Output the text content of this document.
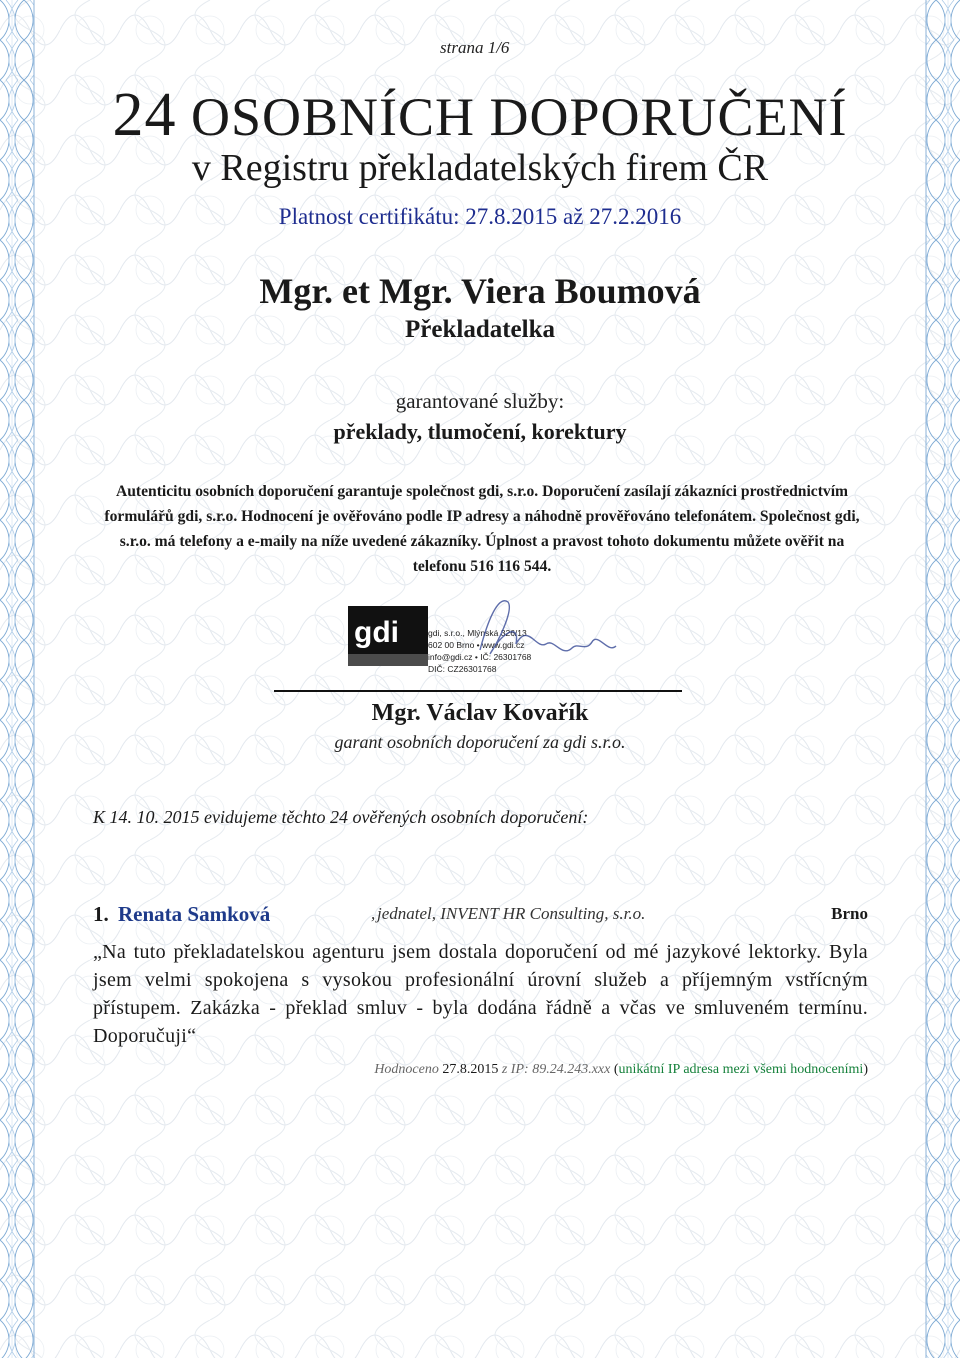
strana 1/6
24 OSOBNÍCH DOPORUČENÍ
v Registru překladatelských firem ČR
Platnost certifikátu: 27.8.2015 až 27.2.2016
Mgr. et Mgr. Viera Boumová
Překladatelka
garantované služby:
překlady, tlumočení, korektury
Autenticitu osobních doporučení garantuje společnost gdi, s.r.o. Doporučení zasílají zákazníci prostřednictvím formulářů gdi, s.r.o. Hodnocení je ověřováno podle IP adresy a náhodně prověřováno telefonátem. Společnost gdi, s.r.o. má telefony a e-maily na níže uvedené zákazníky. Úplnost a pravost tohoto dokumentu můžete ověřit na telefonu 516 116 544.
gdi	gdi, s.r.o., Mlýnská 326/13
602 00 Brno • www.gdi.cz
info@gdi.cz • IČ: 26301768
DIČ: CZ26301768
Mgr. Václav Kovařík
garant osobních doporučení za gdi s.r.o.
K 14. 10. 2015 evidujeme těchto 24 ověřených osobních doporučení:
1. Renata Samková	, jednatel, INVENT HR Consulting, s.r.o.	Brno
„Na tuto překladatelskou agenturu jsem dostala doporučení od mé jazykové lektorky. Byla jsem velmi spokojena s vysokou profesionální úrovní služeb a příjemným vstřícným přístupem. Zakázka - překlad smluv - byla dodána řádně a včas ve smluveném termínu. Doporučuji“
Hodnoceno 27.8.2015 z IP: 89.24.243.xxx (unikátní IP adresa mezi všemi hodnoceními)
